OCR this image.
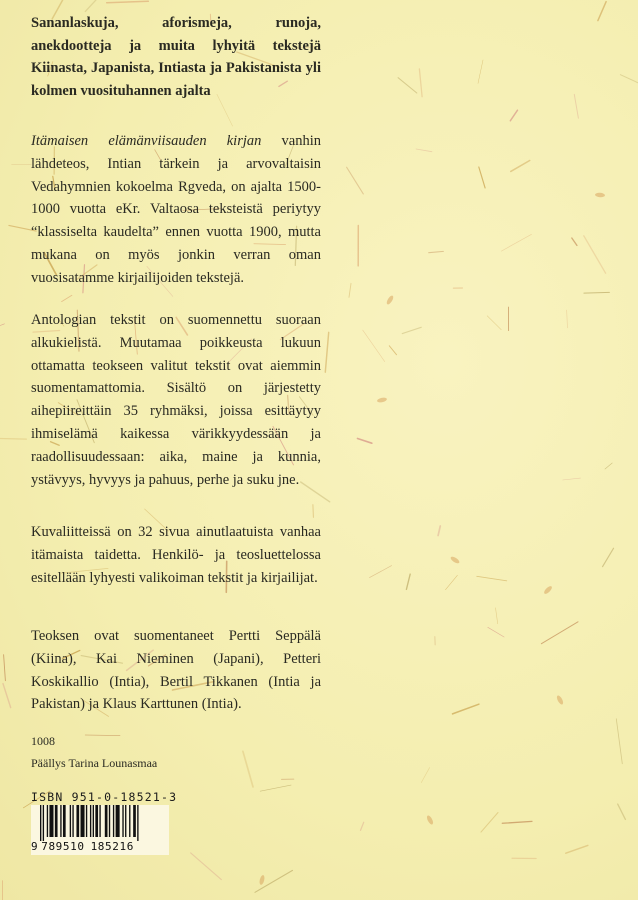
Sananlaskuja, aforismeja, runoja, anekdootteja ja muita lyhyitä tekstejä Kiinasta, Japanista, Intiasta ja Pakistanista yli kolmen vuosituhannen ajalta

Itämaisen elämänviisauden kirjan vanhin lähdeteos, Intian tärkein ja arvovaltaisin Vedahymnien kokoelma Rgveda, on ajalta 1500-1000 vuotta eKr. Valtaosa teksteistä periytyy “klassiselta kaudelta” ennen vuotta 1900, mutta mukana on myös jonkin verran oman vuosisatamme kirjailijoiden tekstejä.

Antologian tekstit on suomennettu suoraan alkukielistä. Muutamaa poikkeusta lukuun ottamatta teokseen valitut tekstit ovat aiemmin suomentamattomia. Sisältö on järjestetty aihepiireittäin 35 ryhmäksi, joissa esittäytyy ihmiselämä kaikessa värikkyydessään ja raadollisuudessaan: aika, maine ja kunnia, ystävyys, hyvyys ja pahuus, perhe ja suku jne.

Kuvaliitteissä on 32 sivua ainutlaatuista vanhaa itämaista taidetta. Henkilö- ja teosluettelossa esitellään lyhyesti valikoiman tekstit ja kirjailijat.

Teoksen ovat suomentaneet Pertti Seppälä (Kiina), Kai Nieminen (Japani), Petteri Koskikallio (Intia), Bertil Tikkanen (Intia ja Pakistan) ja Klaus Karttunen (Intia).

1008

Päällys Tarina Lounasmaa

ISBN 951-0-18521-3
9 789510 185216
